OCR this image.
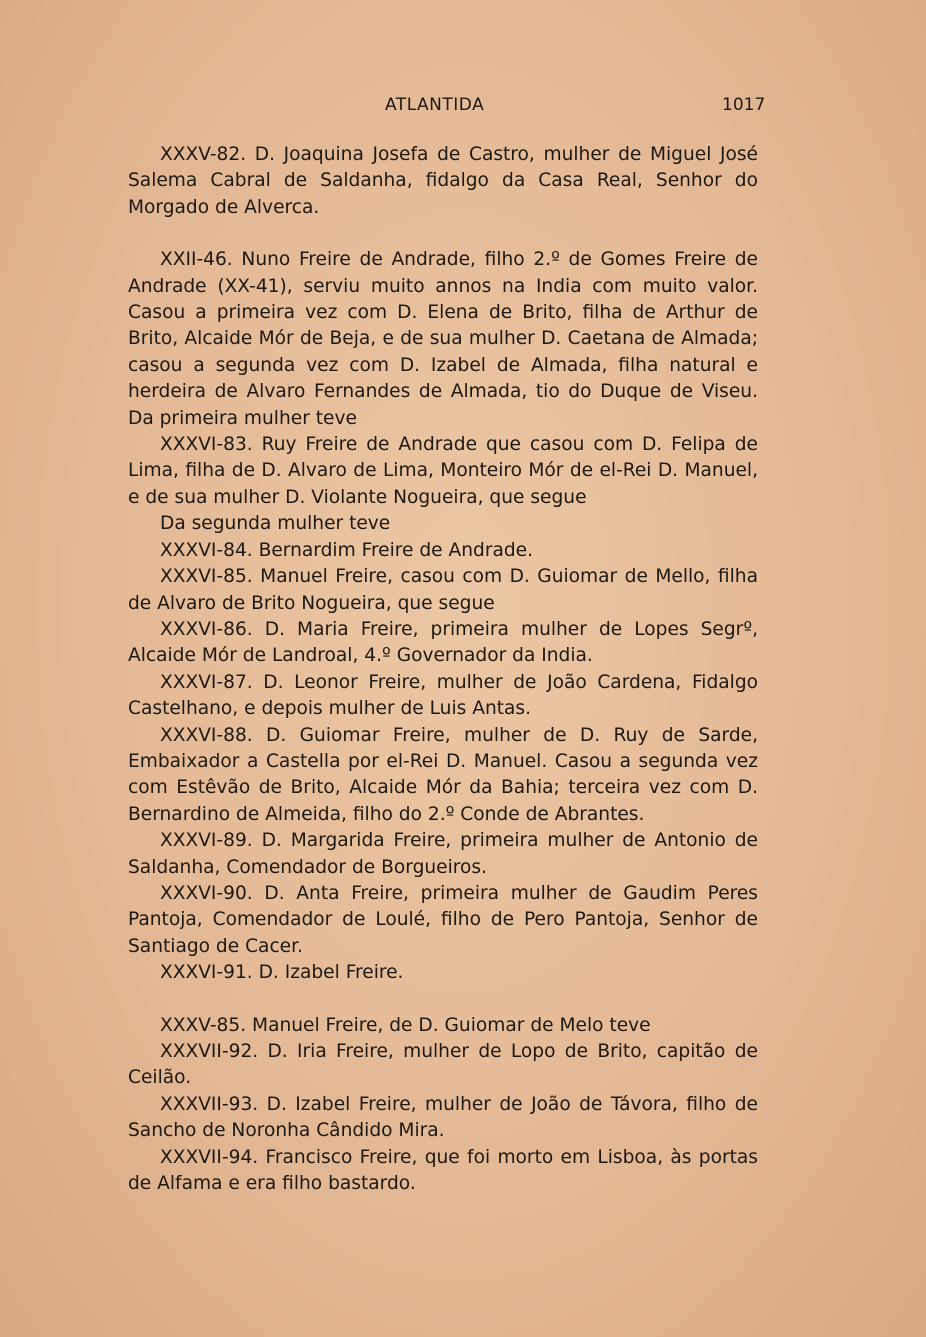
ATLANTIDA	1017

XXXV-82. D. Joaquina Josefa de Castro, mulher de Miguel José Salema Cabral de Saldanha, fidalgo da Casa Real, Senhor do Morgado de Alverca.

XXII-46. Nuno Freire de Andrade, filho 2.º de Gomes Freire de Andrade (XX-41), serviu muito annos na India com muito valor. Casou a primeira vez com D. Elena de Brito, filha de Arthur de Brito, Alcaide Mór de Beja, e de sua mulher D. Caetana de Almada; casou a segunda vez com D. Izabel de Almada, filha natural e herdeira de Alvaro Fernandes de Almada, tio do Duque de Viseu. Da primeira mulher teve

XXXVI-83. Ruy Freire de Andrade que casou com D. Felipa de Lima, filha de D. Alvaro de Lima, Monteiro Mór de el-Rei D. Manuel, e de sua mulher D. Violante Nogueira, que segue

Da segunda mulher teve

XXXVI-84. Bernardim Freire de Andrade.

XXXVI-85. Manuel Freire, casou com D. Guiomar de Mello, filha de Alvaro de Brito Nogueira, que segue

XXXVI-86. D. Maria Freire, primeira mulher de Lopes Segrº, Alcaide Mór de Landroal, 4.º Governador da India.

XXXVI-87. D. Leonor Freire, mulher de João Cardena, Fidalgo Castelhano, e depois mulher de Luis Antas.

XXXVI-88. D. Guiomar Freire, mulher de D. Ruy de Sarde, Embaixador a Castella por el-Rei D. Manuel. Casou a segunda vez com Estêvão de Brito, Alcaide Mór da Bahia; terceira vez com D. Bernardino de Almeida, filho do 2.º Conde de Abrantes.

XXXVI-89. D. Margarida Freire, primeira mulher de Antonio de Saldanha, Comendador de Borgueiros.

XXXVI-90. D. Anta Freire, primeira mulher de Gaudim Peres Pantoja, Comendador de Loulé, filho de Pero Pantoja, Senhor de Santiago de Cacer.

XXXVI-91. D. Izabel Freire.

XXXV-85. Manuel Freire, de D. Guiomar de Melo teve

XXXVII-92. D. Iria Freire, mulher de Lopo de Brito, capitão de Ceilão.

XXXVII-93. D. Izabel Freire, mulher de João de Távora, filho de Sancho de Noronha Cândido Mira.

XXXVII-94. Francisco Freire, que foi morto em Lisboa, às portas de Alfama e era filho bastardo.
